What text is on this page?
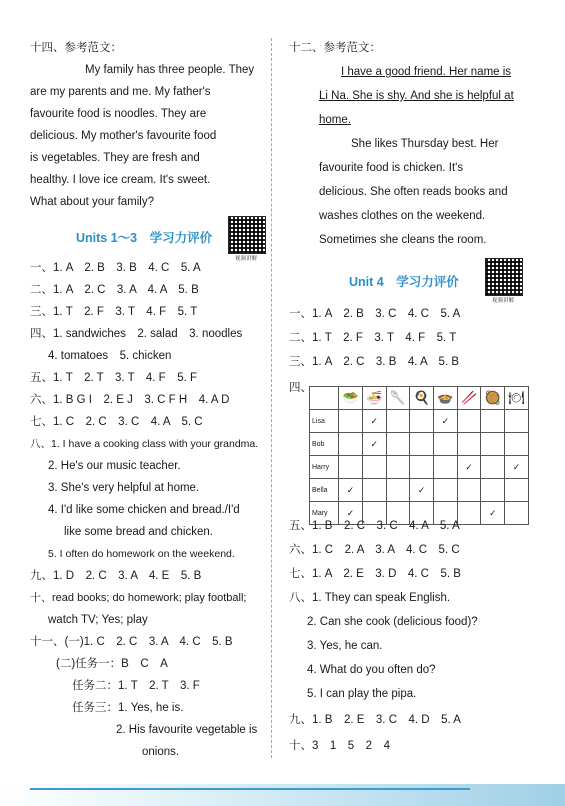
十四、参考范文：
My family has three people. They
are my parents and me. My father's
favourite food is noodles. They are
delicious. My mother's favourite food
is vegetables. They are fresh and
healthy. I love ice cream. It's sweet.
What about your family?
Units 1～3　学习力评价
视频讲解
一、1. A　2. B　3. B　4. C　5. A
二、1. A　2. C　3. A　4. A　5. B
三、1. T　2. F　3. T　4. F　5. T
四、1. sandwiches　2. salad　3. noodles
4. tomatoes　5. chicken
五、1. T　2. T　3. T　4. F　5. F
六、1. B G I　2. E J　3. C F H　4. A D
七、1. C　2. C　3. C　4. A　5. C
八、1. I have a cooking class with your grandma.
2. He's our music teacher.
3. She's very helpful at home.
4. I'd like some chicken and bread./I'd
like some bread and chicken.
5. I often do homework on the weekend.
九、1. D　2. C　3. A　4. E　5. B
十、read books; do homework; play football;
watch TV; Yes; play
十一、(一)1. C　2. C　3. A　4. C　5. B
(二)任务一：B　C　A
任务二：1. T　2. T　3. F
任务三：1. Yes, he is.
2. His favourite vegetable is
onions.
十二、参考范文：
I have a good friend. Her name is
Li Na. She is shy. And she is helpful at
home.
She likes Thursday best. Her
favourite food is chicken. It's
delicious. She often reads books and
washes clothes on the weekend.
Sometimes she cleans the room.
Unit 4　学习力评价
视频讲解
一、1. A　2. B　3. C　4. C　5. A
二、1. T　2. F　3. T　4. F　5. T
三、1. A　2. C　3. B　4. A　5. B
四、
	🥗	🍜	🥄	🍳	🍲	🥢	🥘	🍽
Lisa		✓			✓			
Bob		✓						
Harry						✓		✓
Bella	✓			✓				
Mary	✓						✓	
五、1. B　2. C　3. C　4. A　5. A
六、1. C　2. A　3. A　4. C　5. C
七、1. A　2. E　3. D　4. C　5. B
八、1. They can speak English.
2. Can she cook (delicious food)?
3. Yes, he can.
4. What do you often do?
5. I can play the pipa.
九、1. B　2. E　3. C　4. D　5. A
十、3　1　5　2　4
